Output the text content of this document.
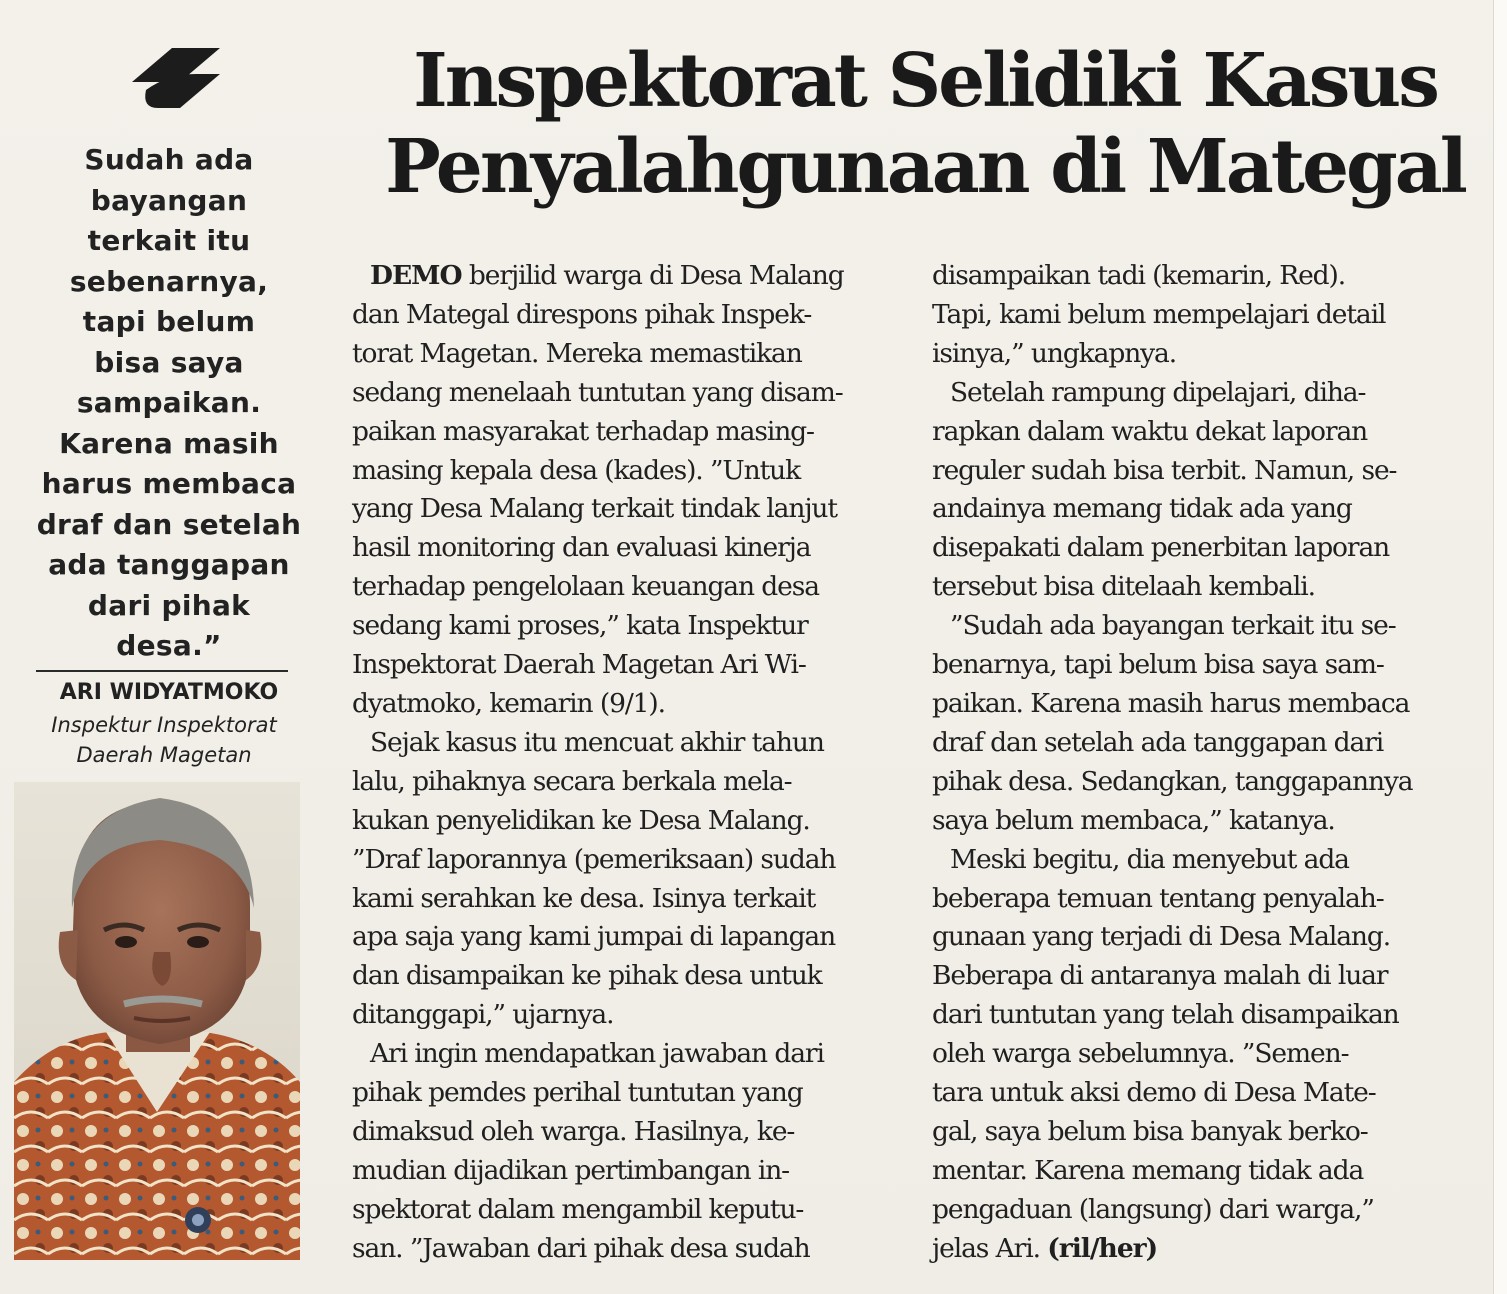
Inspektorat Selidiki Kasus
Penyalahgunaan di Mategal
Sudah ada
bayangan
terkait itu
sebenarnya,
tapi belum
bisa saya
sampaikan.
Karena masih
harus membaca
draf dan setelah
ada tanggapan
dari pihak
desa.”
ARI WIDYATMOKO
Inspektur Inspektorat
Daerah Magetan
DEMO berjilid warga di Desa Malang
dan Mategal direspons pihak Inspek-
torat Magetan. Mereka memastikan
sedang menelaah tuntutan yang disam-
paikan masyarakat terhadap masing-
masing kepala desa (kades). ”Untuk
yang Desa Malang terkait tindak lanjut
hasil monitoring dan evaluasi kinerja
terhadap pengelolaan keuangan desa
sedang kami proses,” kata Inspektur
Inspektorat Daerah Magetan Ari Wi-
dyatmoko, kemarin (9/1).
Sejak kasus itu mencuat akhir tahun
lalu, pihaknya secara berkala mela-
kukan penyelidikan ke Desa Malang.
”Draf laporannya (pemeriksaan) sudah
kami serahkan ke desa. Isinya terkait
apa saja yang kami jumpai di lapangan
dan disampaikan ke pihak desa untuk
ditanggapi,” ujarnya.
Ari ingin mendapatkan jawaban dari
pihak pemdes perihal tuntutan yang
dimaksud oleh warga. Hasilnya, ke-
mudian dijadikan pertimbangan in-
spektorat dalam mengambil keputu-
san. ”Jawaban dari pihak desa sudah
disampaikan tadi (kemarin, Red).
Tapi, kami belum mempelajari detail
isinya,” ungkapnya.
Setelah rampung dipelajari, diha-
rapkan dalam waktu dekat laporan
reguler sudah bisa terbit. Namun, se-
andainya memang tidak ada yang
disepakati dalam penerbitan laporan
tersebut bisa ditelaah kembali.
”Sudah ada bayangan terkait itu se-
benarnya, tapi belum bisa saya sam-
paikan. Karena masih harus membaca
draf dan setelah ada tanggapan dari
pihak desa. Sedangkan, tanggapannya
saya belum membaca,” katanya.
Meski begitu, dia menyebut ada
beberapa temuan tentang penyalah-
gunaan yang terjadi di Desa Malang.
Beberapa di antaranya malah di luar
dari tuntutan yang telah disampaikan
oleh warga sebelumnya. ”Semen-
tara untuk aksi demo di Desa Mate-
gal, saya belum bisa banyak berko-
mentar. Karena memang tidak ada
pengaduan (langsung) dari warga,”
jelas Ari. (ril/her)
